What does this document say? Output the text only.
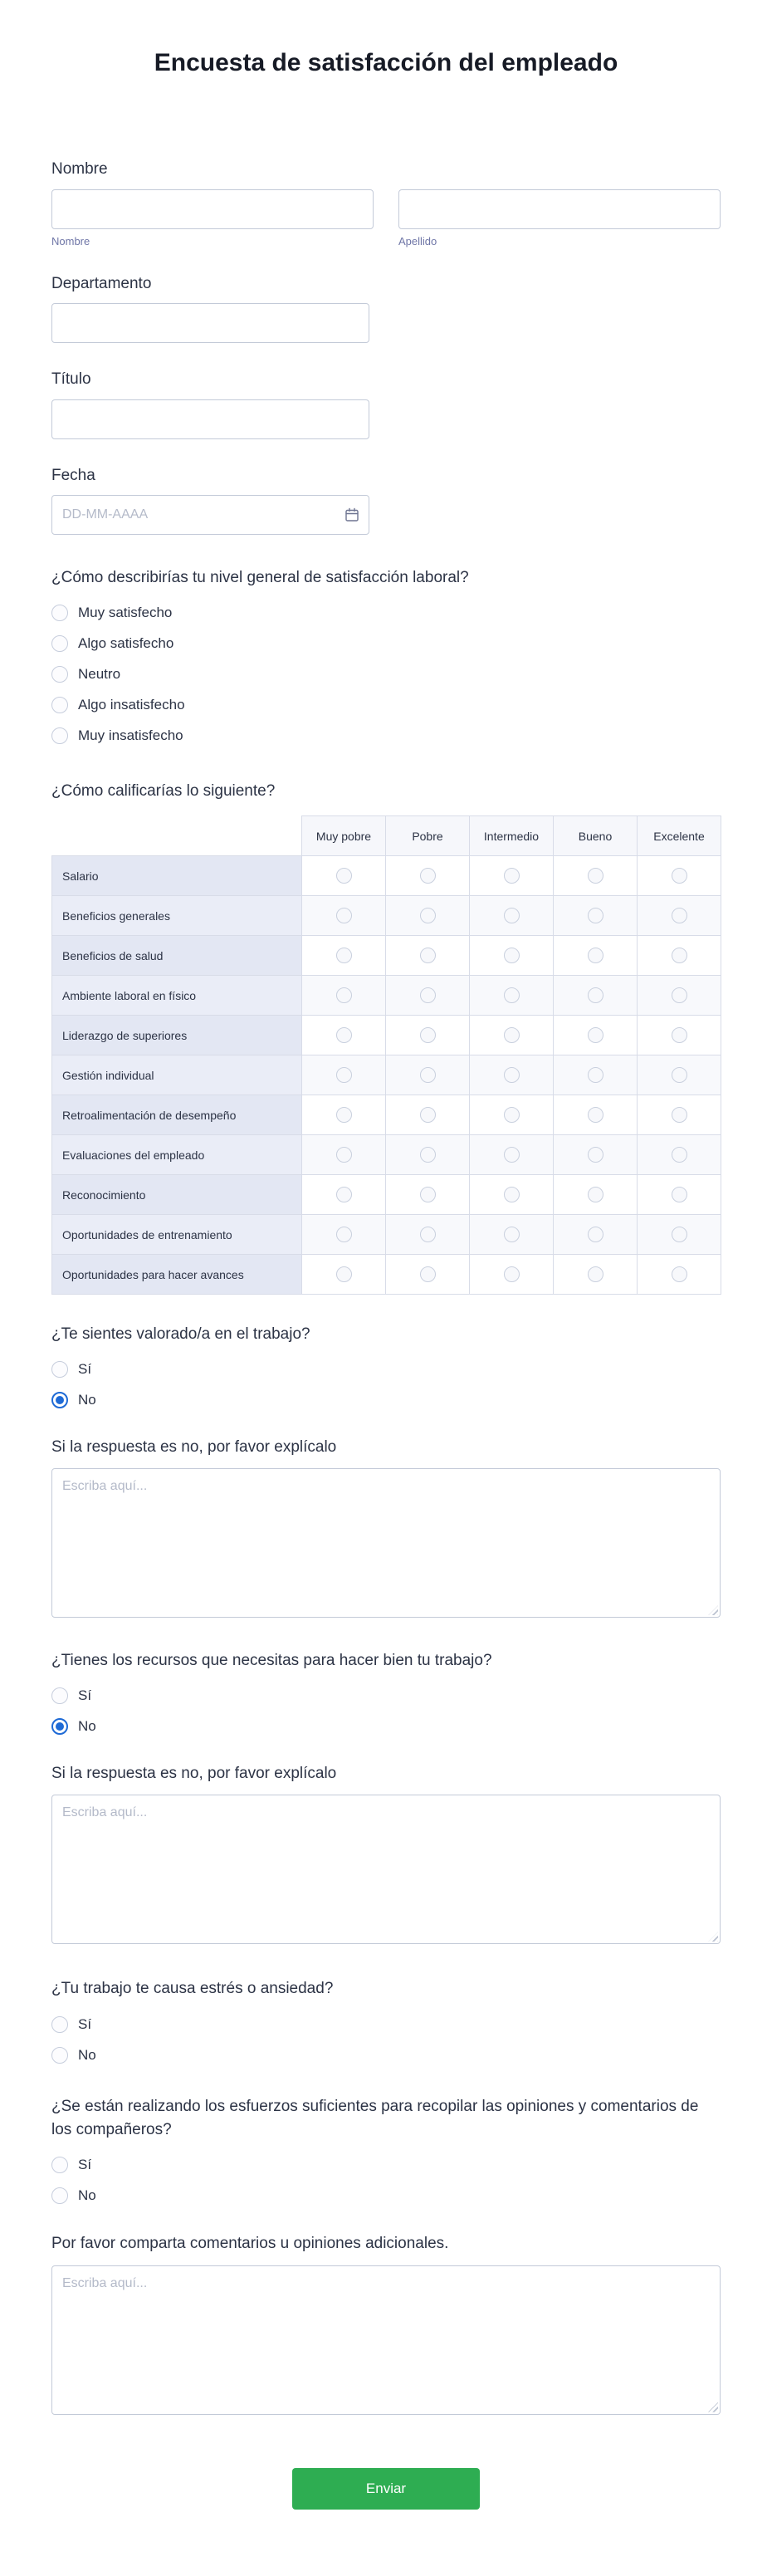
Encuesta de satisfacción del empleado
Nombre
Nombre	Apellido
Departamento
Título
Fecha
DD-MM-AAAA
¿Cómo describirías tu nivel general de satisfacción laboral?
Muy satisfecho
Algo satisfecho
Neutro
Algo insatisfecho
Muy insatisfecho
¿Cómo calificarías lo siguiente?
	Muy pobre	Pobre	Intermedio	Bueno	Excelente
Salario					
Beneficios generales					
Beneficios de salud					
Ambiente laboral en físico					
Liderazgo de superiores					
Gestión individual					
Retroalimentación de desempeño					
Evaluaciones del empleado					
Reconocimiento					
Oportunidades de entrenamiento					
Oportunidades para hacer avances					
¿Te sientes valorado/a en el trabajo?
Sí
No
Si la respuesta es no, por favor explícalo
Escriba aquí...
¿Tienes los recursos que necesitas para hacer bien tu trabajo?
Sí
No
Si la respuesta es no, por favor explícalo
Escriba aquí...
¿Tu trabajo te causa estrés o ansiedad?
Sí
No
¿Se están realizando los esfuerzos suficientes para recopilar las opiniones y comentarios de los compañeros?
Sí
No
Por favor comparta comentarios u opiniones adicionales.
Escriba aquí...
Enviar
